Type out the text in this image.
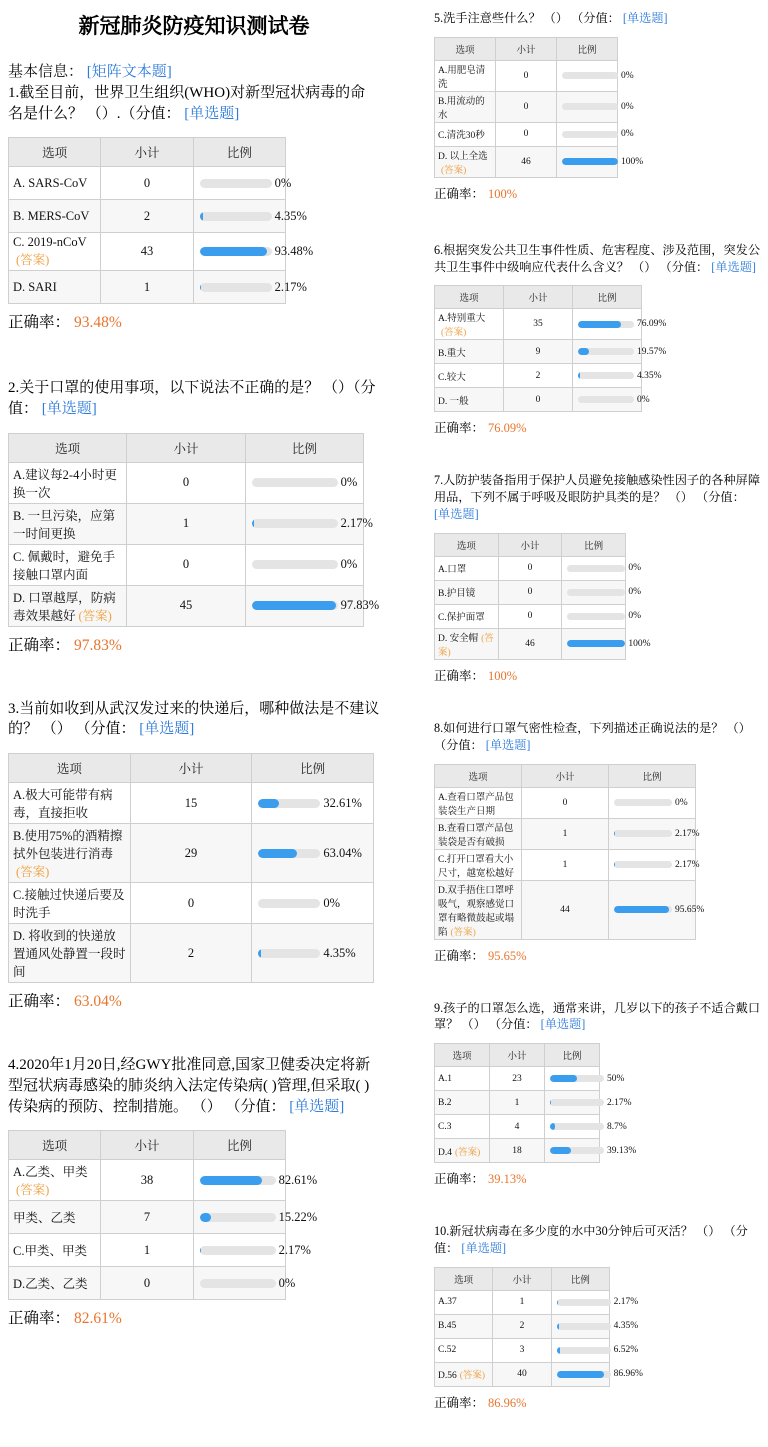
新冠肺炎防疫知识测试卷
基本信息： [矩阵文本题]
1.截至目前，世界卫生组织(WHO)对新型冠状病毒的命名是什么？ （）.（分值： [单选题]
选项	小计	比例
A. SARS-CoV	0	0%

B. MERS-CoV	2	4.35%

C. 2019-nCoV(答案)	43	93.48%

D. SARI	1	2.17%
正确率： 93.48%
2.关于口罩的使用事项，以下说法不正确的是？ （）（分值： [单选题]
选项	小计	比例
A.建议每2-4小时更换一次	0	0%

B. 一旦污染，应第一时间更换	1	2.17%

C. 佩戴时，避免手接触口罩内面	0	0%

D. 口罩越厚，防病毒效果越好 (答案)	45	97.83%
正确率： 97.83%
3.当前如收到从武汉发过来的快递后，哪种做法是不建议的？ （） （分值： [单选题]
选项	小计	比例
A.极大可能带有病毒，直接拒收	15	32.61%

B.使用75%的酒精擦拭外包装进行消毒(答案)	29	63.04%

C.接触过快递后要及时洗手	0	0%

D. 将收到的快递放置通风处静置一段时间	2	4.35%
正确率： 63.04%
4.2020年1月20日,经GWY批准同意,国家卫健委决定将新型冠状病毒感染的肺炎纳入法定传染病( )管理,但采取( )传染病的预防、控制措施。 （） （分值： [单选题]
选项	小计	比例
A.乙类、甲类(答案)	38	82.61%

甲类、乙类	7	15.22%

C.甲类、甲类	1	2.17%

D.乙类、乙类	0	0%
正确率： 82.61%
5.洗手注意些什么？ （） （分值： [单选题]
选项	小计	比例
A.用肥皂清洗	0	0%

B.用流动的水	0	0%

C.清洗30秒	0	0%

D. 以上全选(答案)	46	100%
正确率： 100%
6.根据突发公共卫生事件性质、危害程度、涉及范围，突发公共卫生事件中级响应代表什么含义？ （） （分值： [单选题]
选项	小计	比例
A.特别重大(答案)	35	76.09%

B.重大	9	19.57%

C.较大	2	4.35%

D. 一般	0	0%
正确率： 76.09%
7.人防护装备指用于保护人员避免接触感染性因子的各种屏障用品，下列不属于呼吸及眼防护具类的是？ （） （分值： [单选题]
选项	小计	比例
A.口罩	0	0%

B.护目镜	0	0%

C.保护面罩	0	0%

D. 安全帽 (答案)	46	100%
正确率： 100%
8.如何进行口罩气密性检查，下列描述正确说法的是？ （） （分值： [单选题]
选项	小计	比例
A.查看口罩产品包装袋生产日期	0	0%

B.查看口罩产品包装袋是否有破损	1	2.17%

C.打开口罩看大小尺寸，越宽松越好	1	2.17%

D.双手捂住口罩呼吸气，观察感觉口罩有略微鼓起或塌陷 (答案)	44	95.65%
正确率： 95.65%
9.孩子的口罩怎么选，通常来讲，几岁以下的孩子不适合戴口罩？ （） （分值： [单选题]
选项	小计	比例
A.1	23	50%

B.2	1	2.17%

C.3	4	8.7%

D.4 (答案)	18	39.13%
正确率： 39.13%
10.新冠状病毒在多少度的水中30分钟后可灭活？ （） （分值： [单选题]
选项	小计	比例
A.37	1	2.17%

B.45	2	4.35%

C.52	3	6.52%

D.56 (答案)	40	86.96%
正确率： 86.96%
